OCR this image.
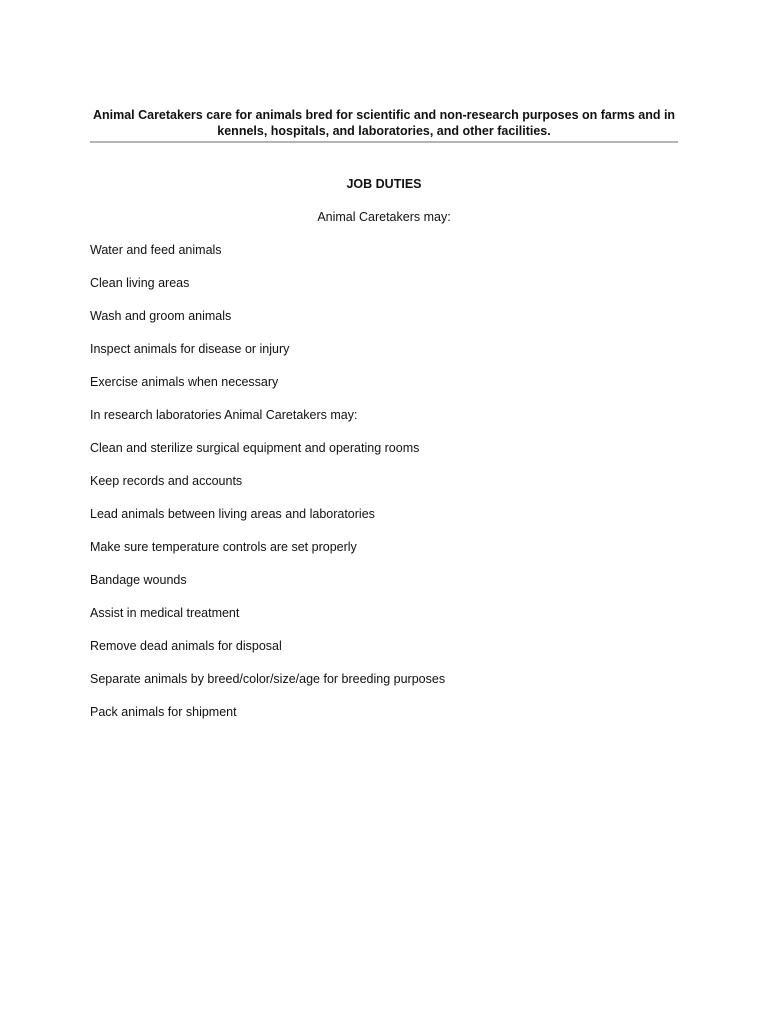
Animal Caretakers care for animals bred for scientific and non-research purposes on farms and in kennels, hospitals, and laboratories, and other facilities.

JOB DUTIES

Animal Caretakers may:

Water and feed animals
Clean living areas
Wash and groom animals
Inspect animals for disease or injury
Exercise animals when necessary
In research laboratories Animal Caretakers may:
Clean and sterilize surgical equipment and operating rooms
Keep records and accounts
Lead animals between living areas and laboratories
Make sure temperature controls are set properly
Bandage wounds
Assist in medical treatment
Remove dead animals for disposal
Separate animals by breed/color/size/age for breeding purposes
Pack animals for shipment
